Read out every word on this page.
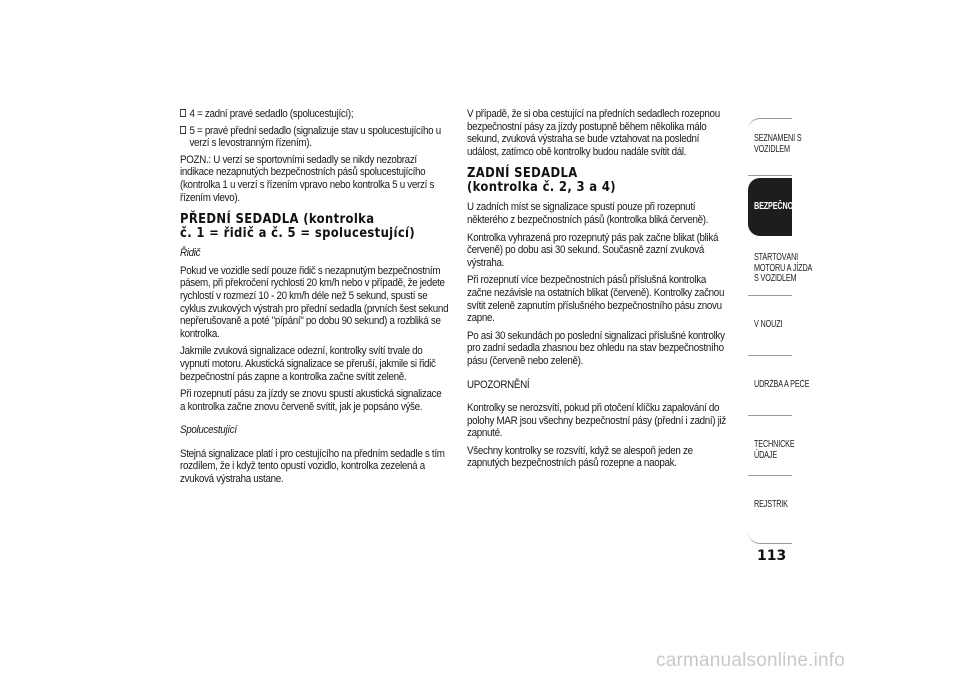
4 = zadní pravé sedadlo (spolucestující);
5 = pravé přední sedadlo (signalizuje stav u spolucestujícího u verzí s levostranným řízením).

POZN.: U verzí se sportovními sedadly se nikdy nezobrazí indikace nezapnutých bezpečnostních pásů spolucestujícího (kontrolka 1 u verzí s řízením vpravo nebo kontrolka 5 u verzí s řízením vlevo).

PŘEDNÍ SEDADLA (kontrolka
č. 1 = řidič a č. 5 = spolucestující)

Řidič

Pokud ve vozidle sedí pouze řidič s nezapnutým bezpečnostním pásem, při překročení rychlosti 20 km/h nebo v případě, že jedete rychlostí v rozmezí 10 - 20 km/h déle než 5 sekund, spustí se cyklus zvukových výstrah pro přední sedadla (prvních šest sekund nepřerušovaně a poté "pípání" po dobu 90 sekund) a rozbliká se kontrolka.

Jakmile zvuková signalizace odezní, kontrolky svítí trvale do vypnutí motoru. Akustická signalizace se přeruší, jakmile si řidič bezpečnostní pás zapne a kontrolka začne svítit zeleně.

Při rozepnutí pásu za jízdy se znovu spustí akustická signalizace a kontrolka začne znovu červeně svítit, jak je popsáno výše.

Spolucestující

Stejná signalizace platí i pro cestujícího na předním sedadle s tím rozdílem, že i když tento opustí vozidlo, kontrolka zezelená a zvuková výstraha ustane.

V případě, že si oba cestující na předních sedadlech rozepnou bezpečnostní pásy za jízdy postupně během několika málo sekund, zvuková výstraha se bude vztahovat na poslední událost, zatímco obě kontrolky budou nadále svítit dál.

ZADNÍ SEDADLA
(kontrolka č. 2, 3 a 4)

U zadních míst se signalizace spustí pouze při rozepnutí některého z bezpečnostních pásů (kontrolka bliká červeně).

Kontrolka vyhrazená pro rozepnutý pás pak začne blikat (bliká červeně) po dobu asi 30 sekund. Současně zazní zvuková výstraha.

Při rozepnutí více bezpečnostních pásů příslušná kontrolka začne nezávisle na ostatních blikat (červeně). Kontrolky začnou svítit zeleně zapnutím příslušného bezpečnostního pásu znovu zapne.

Po asi 30 sekundách po poslední signalizaci příslušné kontrolky pro zadní sedadla zhasnou bez ohledu na stav bezpečnostního pásu (červeně nebo zeleně).

UPOZORNĚNÍ

Kontrolky se nerozsvítí, pokud při otočení klíčku zapalování do polohy MAR jsou všechny bezpečnostní pásy (přední i zadní) již zapnuté.

Všechny kontrolky se rozsvítí, když se alespoň jeden ze zapnutých bezpečnostních pásů rozepne a naopak.

SEZNÁMENÍ S VOZIDLEM
BEZPEČNOST
STARTOVÁNÍ MOTORU A JÍZDA S VOZIDLEM
V NOUZI
ÚDRŽBA A PÉČE
TECHNICKÉ ÚDAJE
REJSTŘÍK
113
carmanualsonline.info
